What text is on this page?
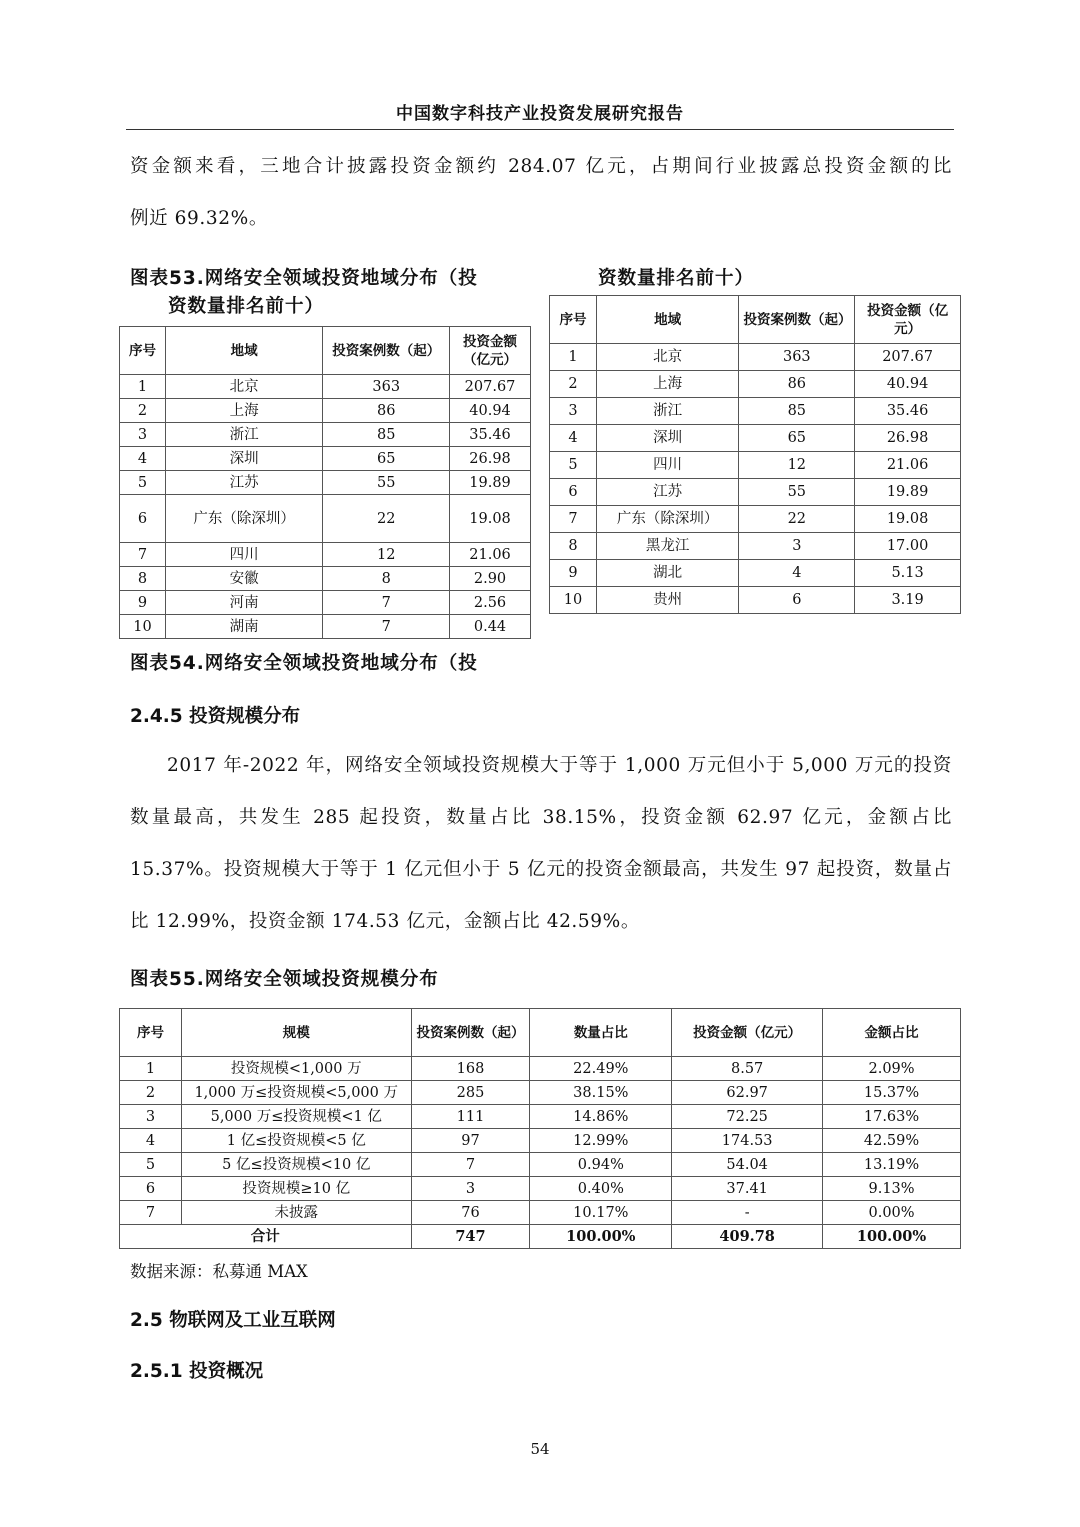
中国数字科技产业投资发展研究报告
资金额来看，三地合计披露投资金额约 284.07 亿元，占期间行业披露总投资金额的比
例近 69.32%。
图表53.网络安全领域投资地域分布（投
资数量排名前十）
序号	地域	投资案例数（起）	投资金额（亿元）
1	北京	363	207.67
2	上海	86	40.94
3	浙江	85	35.46
4	深圳	65	26.98
5	江苏	55	19.89
6	广东（除深圳）	22	19.08
7	四川	12	21.06
8	安徽	8	2.90
9	河南	7	2.56
10	湖南	7	0.44
图表54.网络安全领域投资地域分布（投
资数量排名前十）
序号	地域	投资案例数（起）	投资金额（亿元）
1	北京	363	207.67
2	上海	86	40.94
3	浙江	85	35.46
4	深圳	65	26.98
5	四川	12	21.06
6	江苏	55	19.89
7	广东（除深圳）	22	19.08
8	黑龙江	3	17.00
9	湖北	4	5.13
10	贵州	6	3.19
2.4.5 投资规模分布
2017 年-2022 年，网络安全领域投资规模大于等于 1,000 万元但小于 5,000 万元的投资数量最高，共发生 285 起投资，数量占比 38.15%，投资金额 62.97 亿元，金额占比 15.37%。投资规模大于等于 1 亿元但小于 5 亿元的投资金额最高，共发生 97 起投资，数量占比 12.99%，投资金额 174.53 亿元，金额占比 42.59%。
图表55.网络安全领域投资规模分布
序号	规模	投资案例数（起）	数量占比	投资金额（亿元）	金额占比
1	投资规模<1,000 万	168	22.49%	8.57	2.09%
2	1,000 万≤投资规模<5,000 万	285	38.15%	62.97	15.37%
3	5,000 万≤投资规模<1 亿	111	14.86%	72.25	17.63%
4	1 亿≤投资规模<5 亿	97	12.99%	174.53	42.59%
5	5 亿≤投资规模<10 亿	7	0.94%	54.04	13.19%
6	投资规模≥10 亿	3	0.40%	37.41	9.13%
7	未披露	76	10.17%	-	0.00%
合计		747	100.00%	409.78	100.00%
数据来源：私募通 MAX
2.5 物联网及工业互联网
2.5.1 投资概况
54
